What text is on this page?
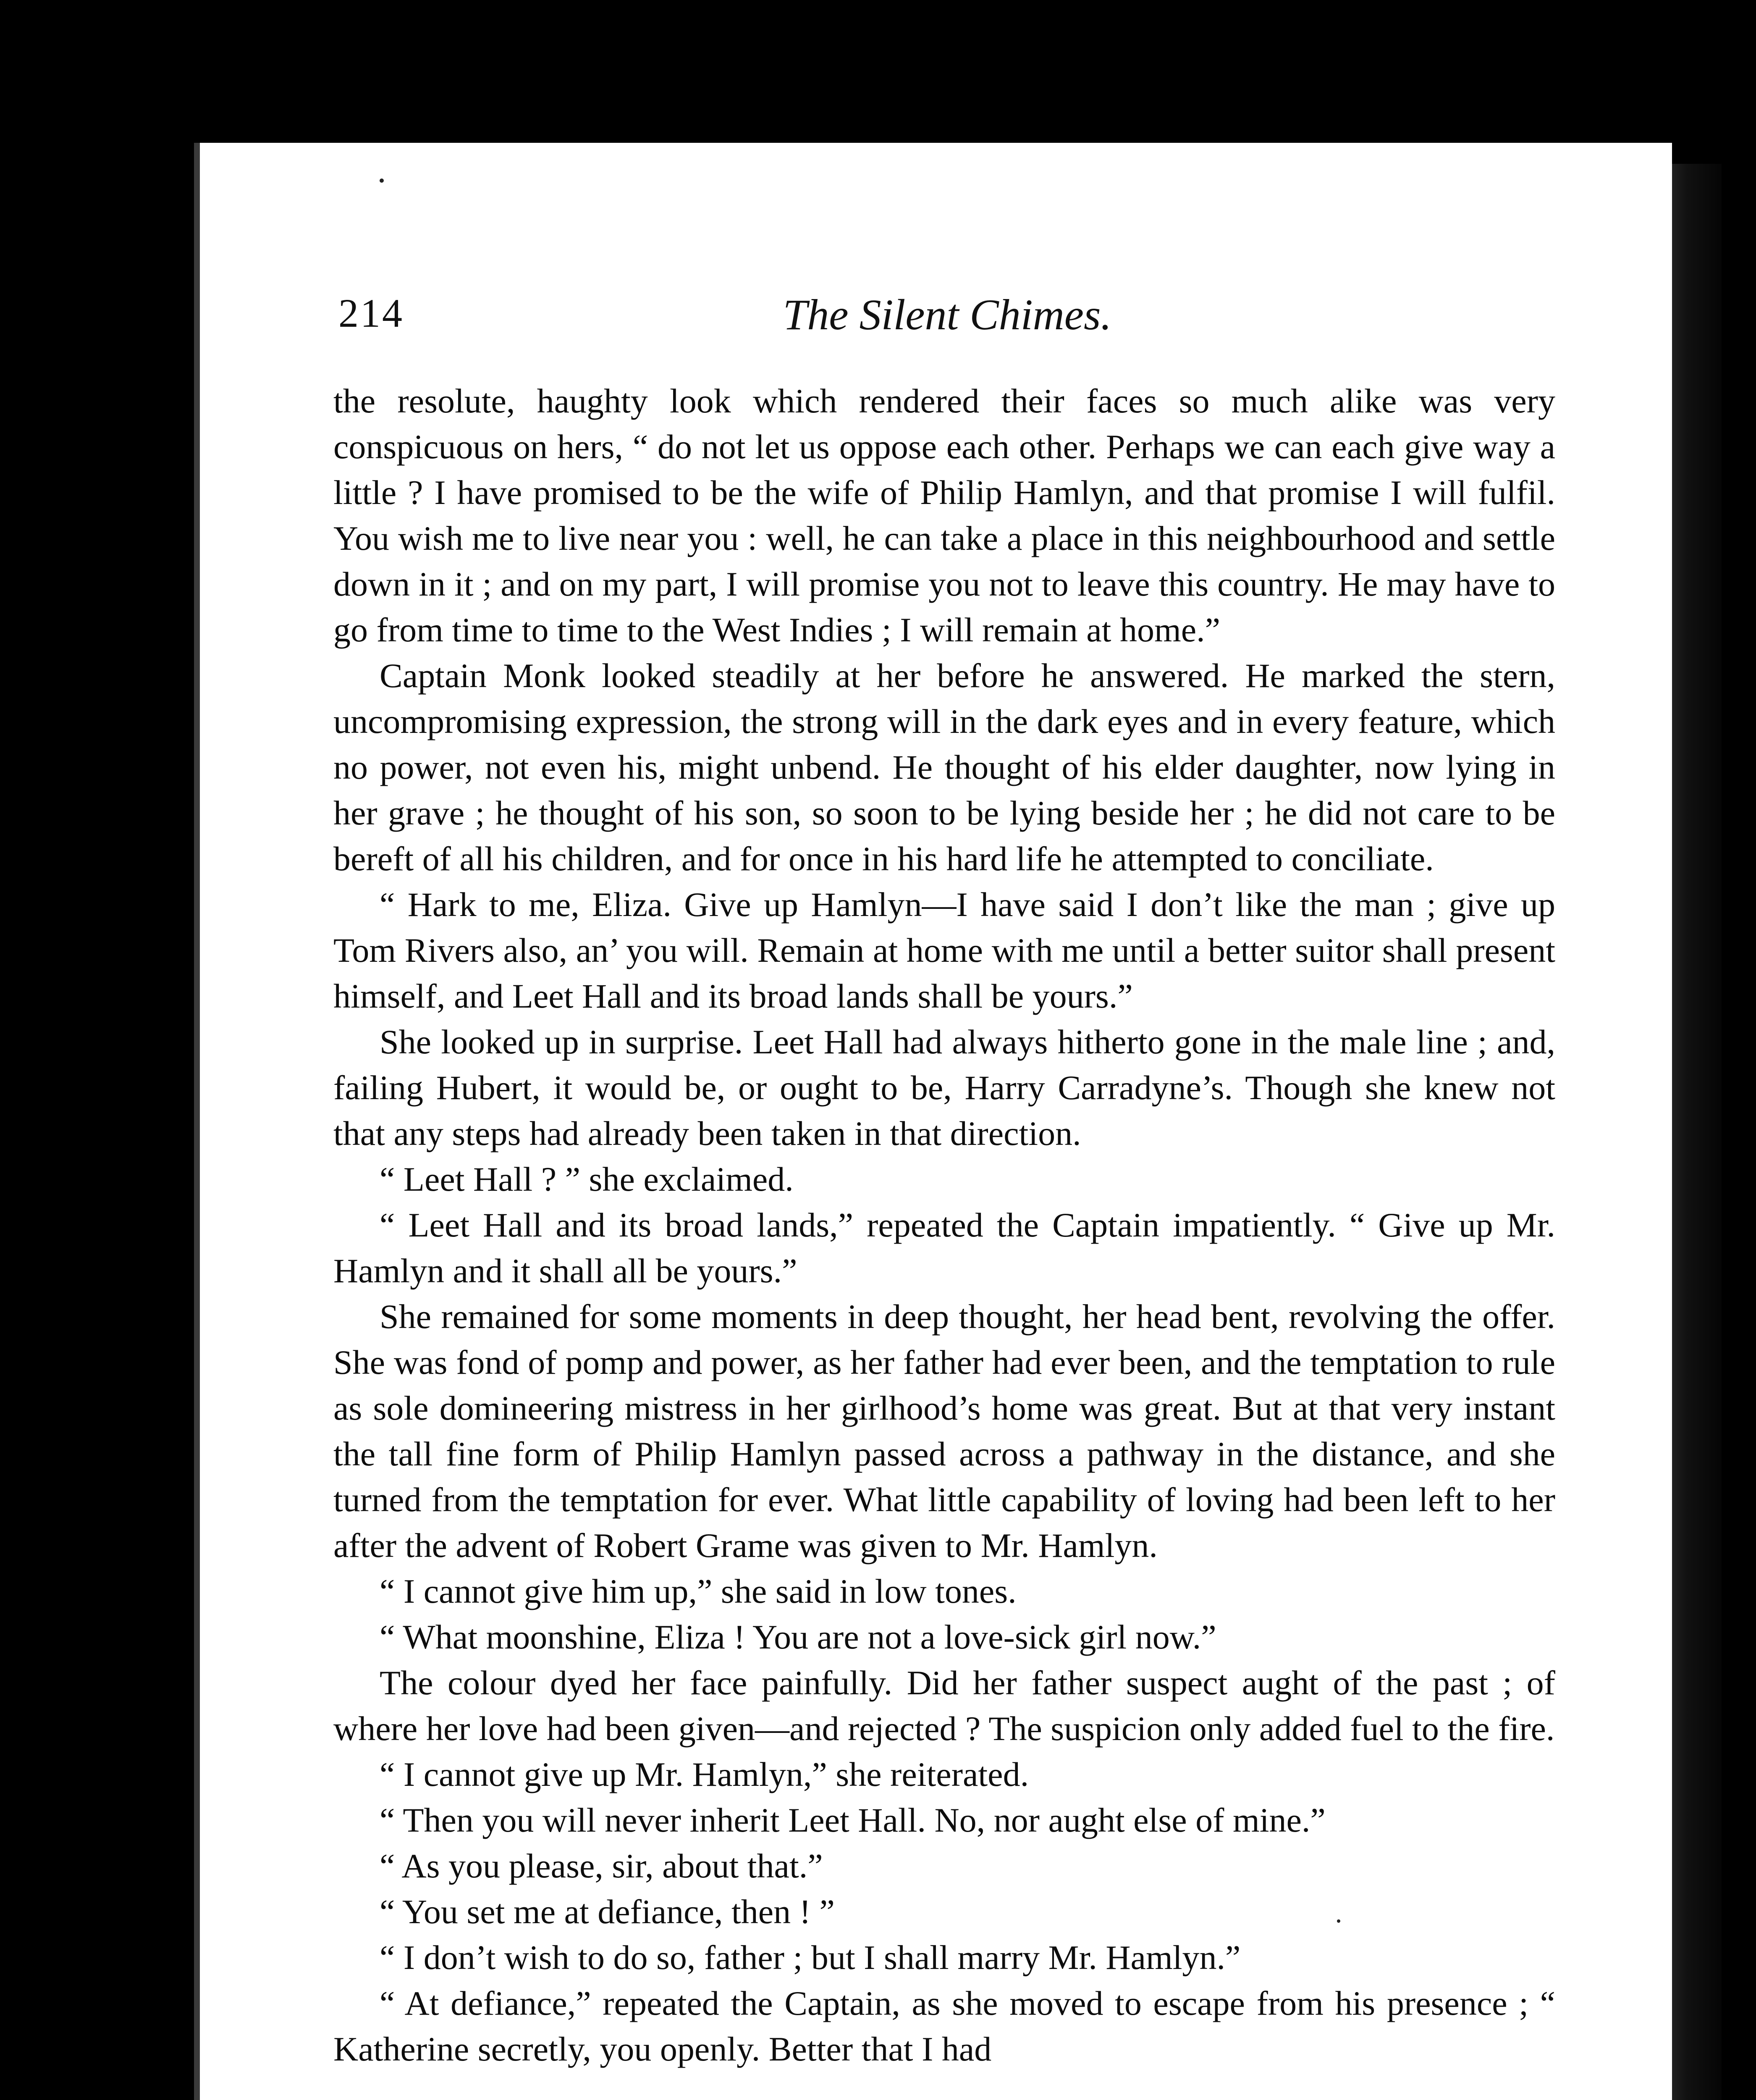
214	The Silent Chimes.

the resolute, haughty look which rendered their faces so much alike was very conspicuous on hers, “ do not let us oppose each other. Perhaps we can each give way a little ? I have promised to be the wife of Philip Hamlyn, and that promise I will fulfil. You wish me to live near you : well, he can take a place in this neighbourhood and settle down in it ; and on my part, I will promise you not to leave this country. He may have to go from time to time to the West Indies ; I will remain at home.”

Captain Monk looked steadily at her before he answered. He marked the stern, uncompromising expression, the strong will in the dark eyes and in every feature, which no power, not even his, might unbend. He thought of his elder daughter, now lying in her grave ; he thought of his son, so soon to be lying beside her ; he did not care to be bereft of all his children, and for once in his hard life he attempted to conciliate.

“ Hark to me, Eliza. Give up Hamlyn—I have said I don’t like the man ; give up Tom Rivers also, an’ you will. Remain at home with me until a better suitor shall present himself, and Leet Hall and its broad lands shall be yours.”

She looked up in surprise. Leet Hall had always hitherto gone in the male line ; and, failing Hubert, it would be, or ought to be, Harry Carradyne’s. Though she knew not that any steps had already been taken in that direction.

“ Leet Hall ? ” she exclaimed.

“ Leet Hall and its broad lands,” repeated the Captain impatiently. “ Give up Mr. Hamlyn and it shall all be yours.”

She remained for some moments in deep thought, her head bent, revolving the offer. She was fond of pomp and power, as her father had ever been, and the temptation to rule as sole domineering mistress in her girlhood’s home was great. But at that very instant the tall fine form of Philip Hamlyn passed across a pathway in the distance, and she turned from the temptation for ever. What little capability of loving had been left to her after the advent of Robert Grame was given to Mr. Hamlyn.

“ I cannot give him up,” she said in low tones.

“ What moonshine, Eliza ! You are not a love-sick girl now.”

The colour dyed her face painfully. Did her father suspect aught of the past ; of where her love had been given—and rejected ? The suspicion only added fuel to the fire.

“ I cannot give up Mr. Hamlyn,” she reiterated.

“ Then you will never inherit Leet Hall. No, nor aught else of mine.”

“ As you please, sir, about that.”

“ You set me at defiance, then ! ”

“ I don’t wish to do so, father ; but I shall marry Mr. Hamlyn.”

“ At defiance,” repeated the Captain, as she moved to escape from his presence ; “ Katherine secretly, you openly. Better that I had
